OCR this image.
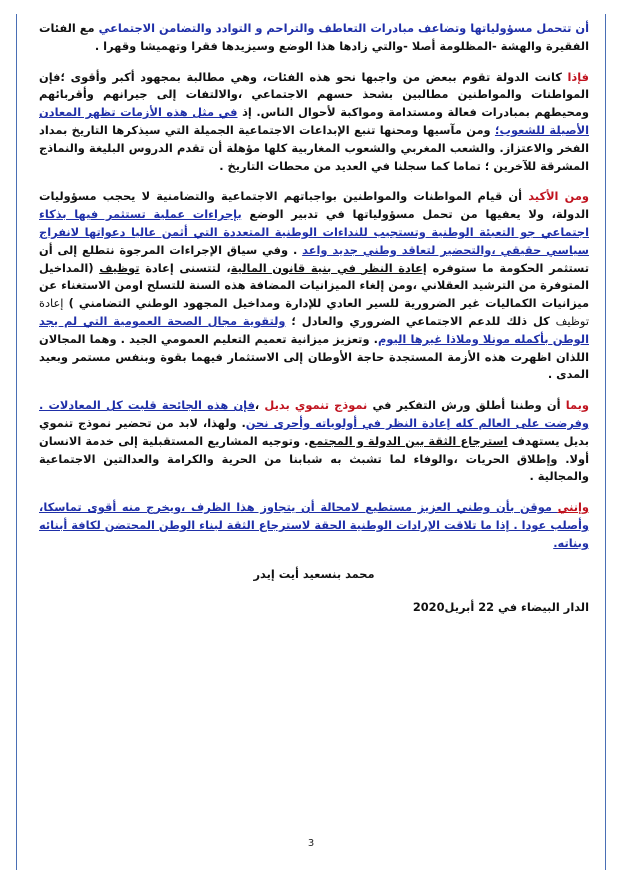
أن تتحمل مسؤولياتها وتضاعف مبادرات التعاطف والتراحم و التوادد والتضامن الاجتماعي مع الفئات الفقيرة والهشة -المظلومة أصلا -والتي زادها هذا الوضع وسيزيدها فقرا وتهميشا وقهرا .

فإذا كانت الدولة تقوم ببعض من واجبها نحو هذه الفئات، وهي مطالبة بمجهود أكبر وأقوى ؛فإن المواطنات والمواطنين مطالبين بشحذ حسهم الاجتماعي ،والالتفات إلى جيرانهم وأقربائهم ومحيطهم بمبادرات فعالة ومستدامة ومواكبة لأحوال الناس. إذ في مثل هذه الأزمات تظهر المعادن الأصيلة للشعوب؛ ومن مآسيها ومحنها تنبع الإبداعات الاجتماعية الجميلة التي سيذكرها التاريخ بمداد الفخر والاعتزاز. والشعب المغربي والشعوب المغاربية كلها مؤهلة أن تقدم الدروس البليغة والنماذج المشرقة للآخرين ؛ تماما كما سجلنا في العديد من محطات التاريخ .

ومن الأكيد أن قيام المواطنات والمواطنين بواجباتهم الاجتماعية والتضامنية لا يحجب مسؤوليات الدولة، ولا يعفيها من تحمل مسؤولياتها في تدبير الوضع بإجراءات عملية تستثمر فيها بذكاء اجتماعي جو التعبئة الوطنية وتستجيب للنداءات الوطنية المتعددة التي أثمن عاليا دعواتها لانفراج سياسي حقيقي ،والتحضير لتعاقد وطني جديد واعد . وفي سياق الإجراءات المرجوة نتطلع إلى أن تستثمر الحكومة ما ستوفره إعادة النظر في بنية قانون المالية، لتتسنى إعادة توظيف (المداخيل المتوفرة من الترشيد العقلاني ،ومن إلغاء الميزانيات المضافة هذه السنة للتسلح اومن الاستغناء عن ميزانيات الكماليات غير الضرورية للسير العادي للإدارة ومداخيل المجهود الوطني التضامني ) إعادة توظيف كل ذلك للدعم الاجتماعي الضروري والعادل ؛ ولتقوية مجال الصحة العمومية التي لم يجد الوطن بأكمله مونلا وملاذا غيرها اليوم. وتعزيز ميزانية تعميم التعليم العمومي الجيد . وهما المجالان اللذان اظهرت هذه الأزمة المستجدة حاجة الأوطان إلى الاستثمار فيهما بقوة وبنفس مستمر وبعيد المدى .

وبما أن وطننا أطلق ورش التفكير في نموذج تنموي بديل ،فإن هذه الجائحة قلبت كل المعادلات . وفرضت على العالم كله إعادة النظر في أولوياته وأحرى نحن. ولهذا، لابد من تحضير نموذج تنموي بديل يستهدف استرجاع الثقة بين الدولة و المجتمع. وتوجيه المشاريع المستقبلية إلى خدمة الانسان أولا. وإطلاق الحريات ،والوفاء لما تشبث به شبابنا من الحرية والكرامة والعدالتين الاجتماعية والمجالية .

وإنني موقن بأن وطني العزيز مستطيع لامحالة أن يتجاوز هذا الظرف ،ويخرج منه أقوى تماسكا، وأصلب عودا . إذا ما تلاقت الإرادات الوطنية الحقة لاسترجاع الثقة لبناء الوطن المحتضن لكافة أبنائه وبناته.

محمد بنسعيد أيت إيدر

الدار البيضاء في 22 أبريل2020

3
